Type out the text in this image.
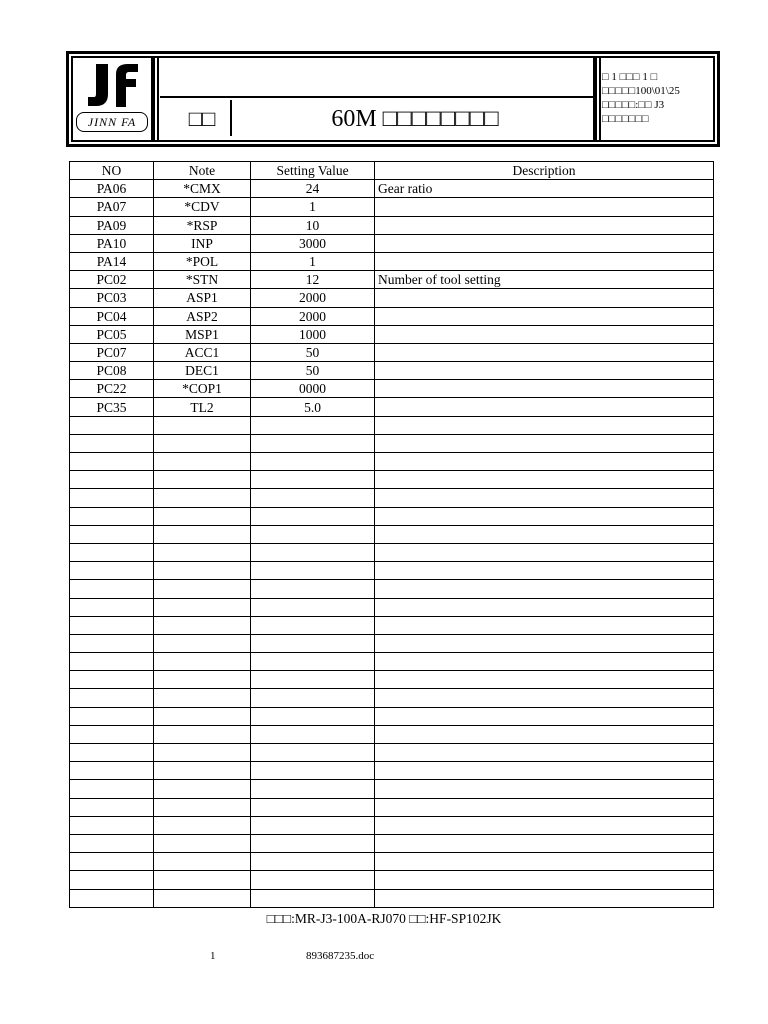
JINN FA	□□	60M □□□□□□□□
□ 1 □□□ 1 □
□□□□□100\01\25
□□□□□:□□ J3
□□□□□□□
NO	Note	Setting Value	Description
PA06	*CMX	24	Gear ratio
PA07	*CDV	1	
PA09	*RSP	10	
PA10	INP	3000	
PA14	*POL	1	
PC02	*STN	12	Number of tool setting
PC03	ASP1	2000	
PC04	ASP2	2000	
PC05	MSP1	1000	
PC07	ACC1	50	
PC08	DEC1	50	
PC22	*COP1	0000	
PC35	TL2	5.0	

□□□:MR-J3-100A-RJ070 □□:HF-SP102JK
1	893687235.doc
